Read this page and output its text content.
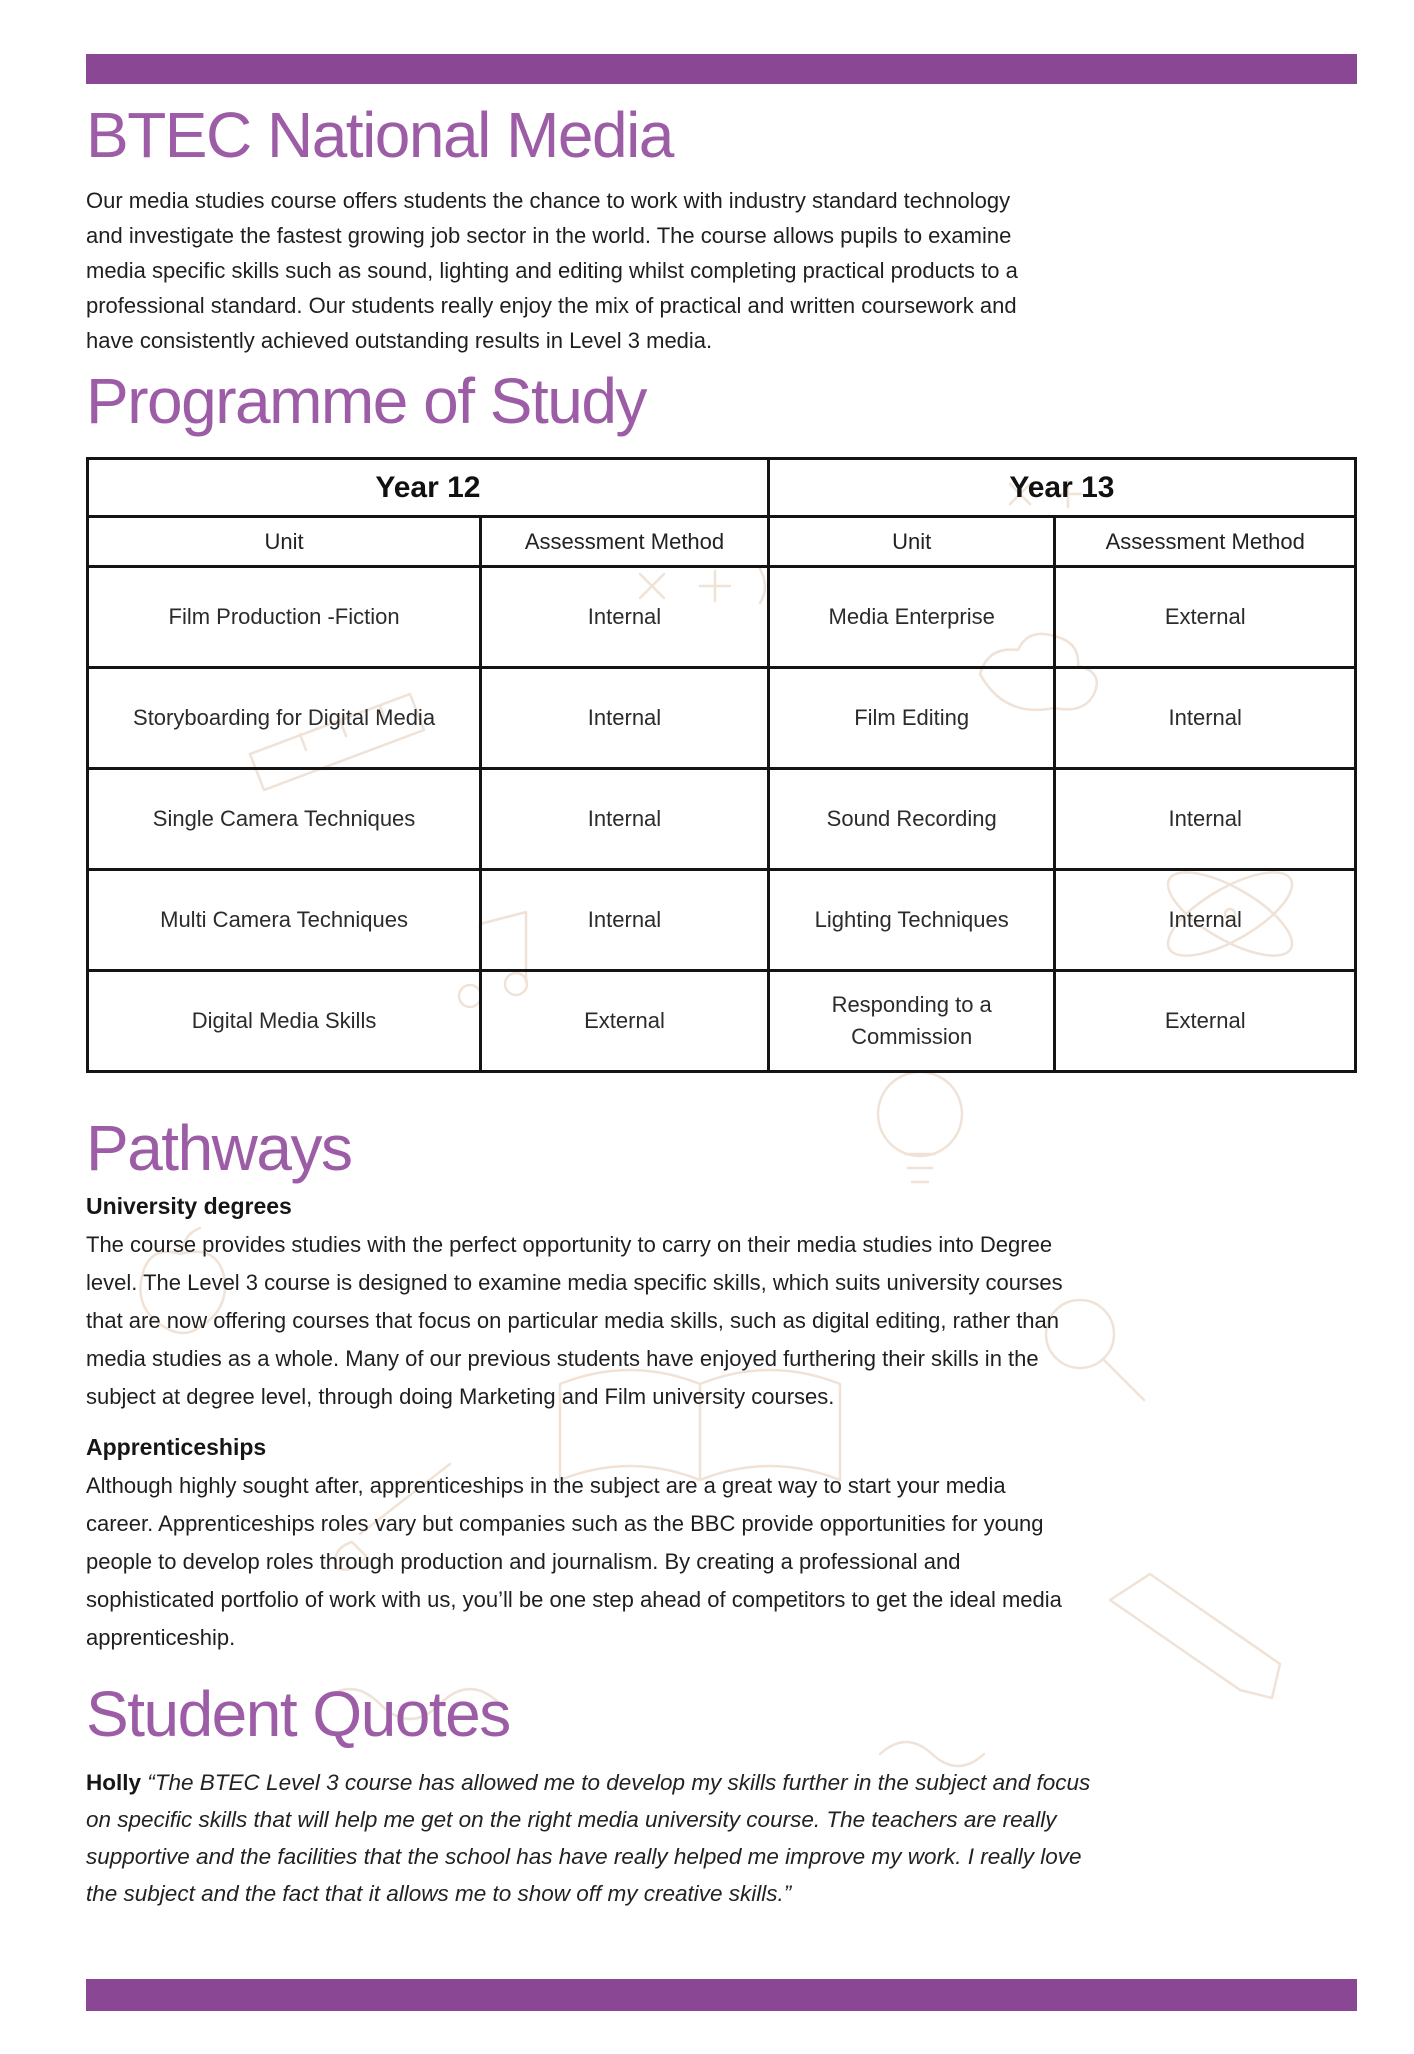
BTEC National Media

Our media studies course offers students the chance to work with industry standard technology and investigate the fastest growing job sector in the world. The course allows pupils to examine media specific skills such as sound, lighting and editing whilst completing practical products to a professional standard. Our students really enjoy the mix of practical and written coursework and have consistently achieved outstanding results in Level 3 media.

Programme of Study
Year 12		Year 13	
Unit	Assessment Method	Unit	Assessment Method
Film Production -Fiction	Internal	Media Enterprise	External
Storyboarding for Digital Media	Internal	Film Editing	Internal
Single Camera Techniques	Internal	Sound Recording	Internal
Multi Camera Techniques	Internal	Lighting Techniques	Internal
Digital Media Skills	External	Responding to a Commission	External
Pathways

University degrees

The course provides studies with the perfect opportunity to carry on their media studies into Degree level. The Level 3 course is designed to examine media specific skills, which suits university courses that are now offering courses that focus on particular media skills, such as digital editing, rather than media studies as a whole. Many of our previous students have enjoyed furthering their skills in the subject at degree level, through doing Marketing and Film university courses.

Apprenticeships

Although highly sought after, apprenticeships in the subject are a great way to start your media career. Apprenticeships roles vary but companies such as the BBC provide opportunities for young people to develop roles through production and journalism. By creating a professional and sophisticated portfolio of work with us, you’ll be one step ahead of competitors to get the ideal media apprenticeship.

Student Quotes

Holly “The BTEC Level 3 course has allowed me to develop my skills further in the subject and focus on specific skills that will help me get on the right media university course. The teachers are really supportive and the facilities that the school has have really helped me improve my work. I really love the subject and the fact that it allows me to show off my creative skills.”
